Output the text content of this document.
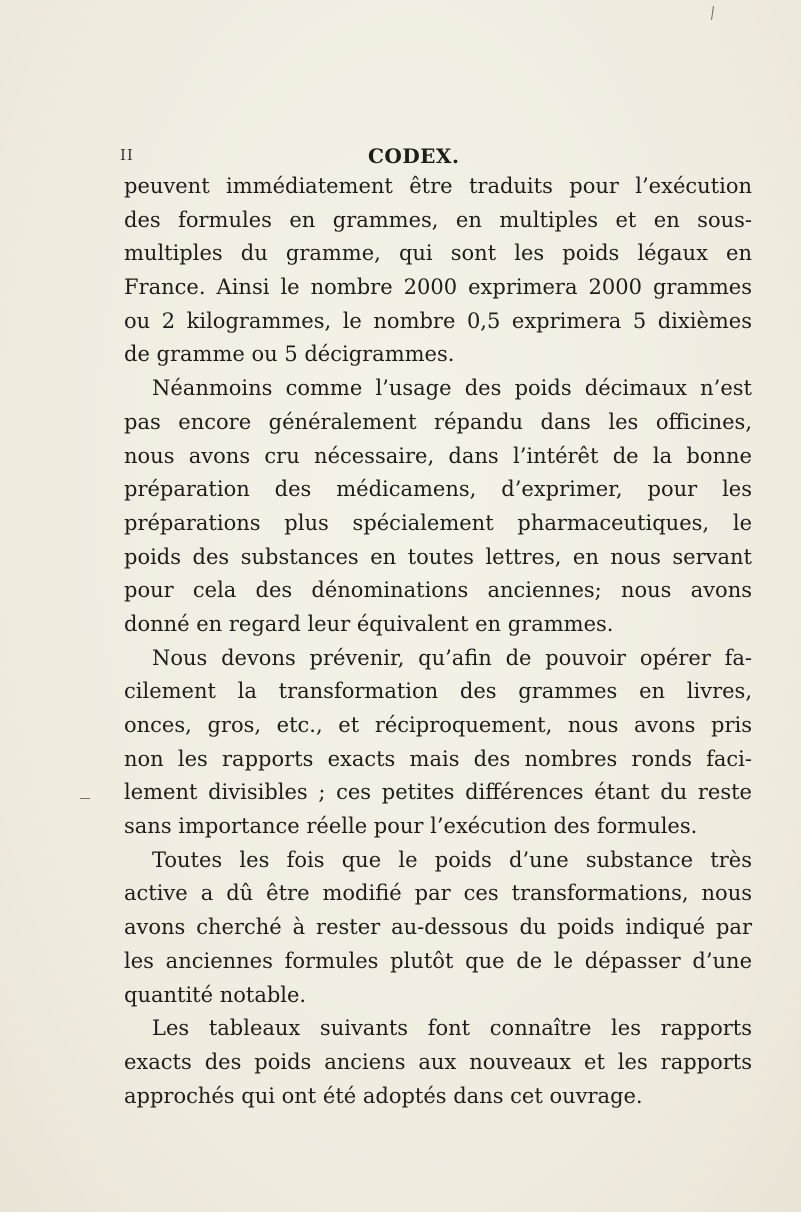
II	CODEX.
peuvent immédiatement être traduits pour l’exécution
des formules en grammes, en multiples et en sous-
multiples du gramme, qui sont les poids légaux en
France. Ainsi le nombre 2000 exprimera 2000 grammes
ou 2 kilogrammes, le nombre 0,5 exprimera 5 dixièmes
de gramme ou 5 décigrammes.
Néanmoins comme l’usage des poids décimaux n’est
pas encore généralement répandu dans les officines,
nous avons cru nécessaire, dans l’intérêt de la bonne
préparation des médicamens, d’exprimer, pour les
préparations plus spécialement pharmaceutiques, le
poids des substances en toutes lettres, en nous servant
pour cela des dénominations anciennes; nous avons
donné en regard leur équivalent en grammes.
Nous devons prévenir, qu’afin de pouvoir opérer fa-
cilement la transformation des grammes en livres,
onces, gros, etc., et réciproquement, nous avons pris
non les rapports exacts mais des nombres ronds faci-
lement divisibles ; ces petites différences étant du reste
sans importance réelle pour l’exécution des formules.
Toutes les fois que le poids d’une substance très
active a dû être modifié par ces transformations, nous
avons cherché à rester au-dessous du poids indiqué par
les anciennes formules plutôt que de le dépasser d’une
quantité notable.
Les tableaux suivants font connaître les rapports
exacts des poids anciens aux nouveaux et les rapports
approchés qui ont été adoptés dans cet ouvrage.
